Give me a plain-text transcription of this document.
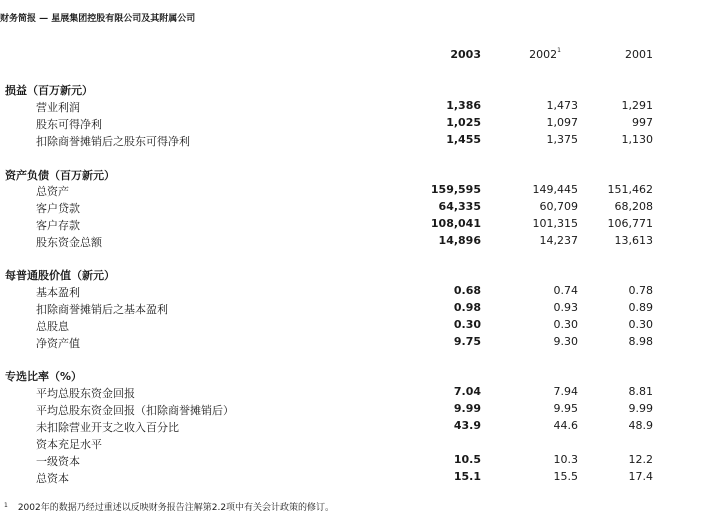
财务简报 — 星展集团控股有限公司及其附属公司
2003	2002$^1$	2001
损益（百万新元）
营业利润	1,386	1,473	1,291
股东可得净利	1,025	1,097	997
扣除商誉摊销后之股东可得净利	1,455	1,375	1,130
资产负债（百万新元）
总资产	159,595	149,445	151,462
客户贷款	64,335	60,709	68,208
客户存款	108,041	101,315	106,771
股东资金总额	14,896	14,237	13,613
每普通股价值（新元）
基本盈利	0.68	0.74	0.78
扣除商誉摊销后之基本盈利	0.98	0.93	0.89
总股息	0.30	0.30	0.30
净资产值	9.75	9.30	8.98
专选比率（%）
平均总股东资金回报	7.04	7.94	8.81
平均总股东资金回报（扣除商誉摊销后）	9.99	9.95	9.99
未扣除营业开支之收入百分比	43.9	44.6	48.9
资本充足水平
一级资本	10.5	10.3	12.2
总资本	15.1	15.5	17.4
$^1$ 2002年的数据乃经过重述以反映财务报告注解第2.2项中有关会计政策的修订。
